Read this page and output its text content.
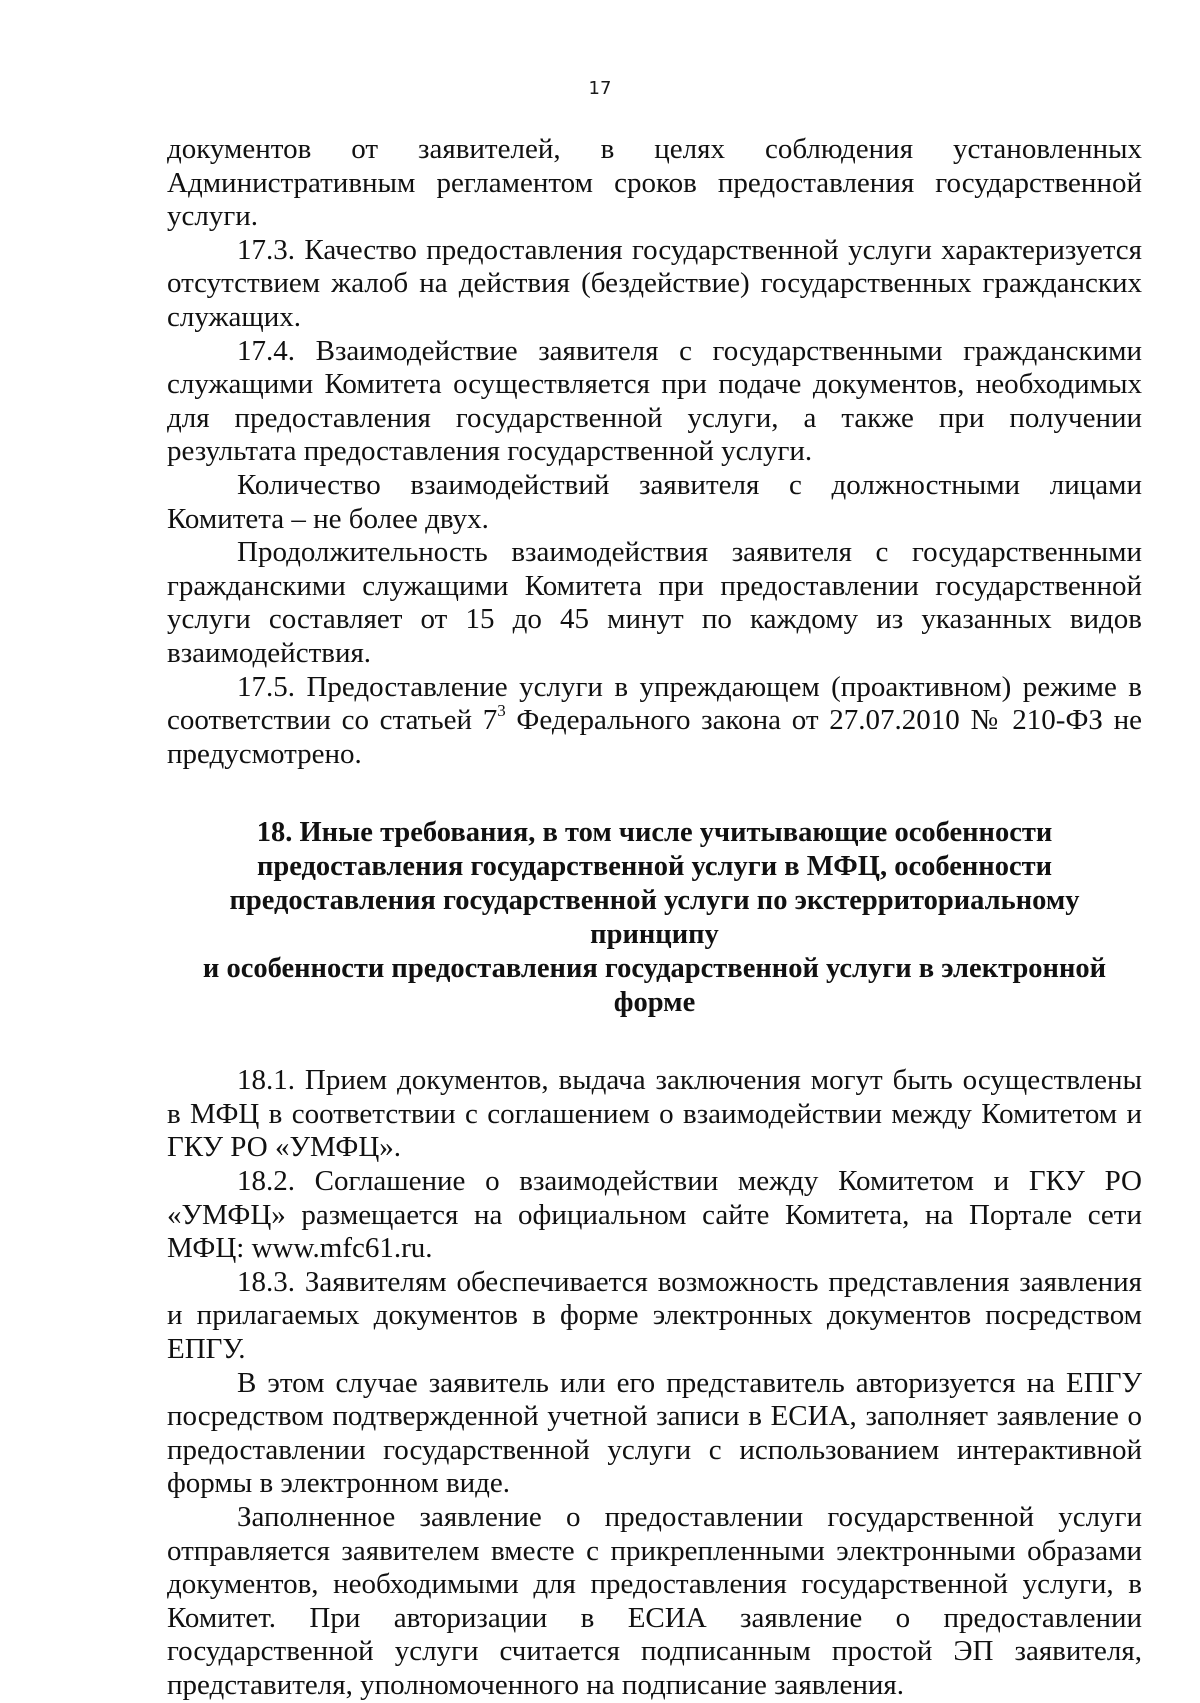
17

документов от заявителей, в целях соблюдения установленных Административным регламентом сроков предоставления государственной услуги.

17.3. Качество предоставления государственной услуги характеризуется отсутствием жалоб на действия (бездействие) государственных гражданских служащих.

17.4. Взаимодействие заявителя с государственными гражданскими служащими Комитета осуществляется при подаче документов, необходимых для предоставления государственной услуги, а также при получении результата предоставления государственной услуги.

Количество взаимодействий заявителя с должностными лицами Комитета – не более двух.

Продолжительность взаимодействия заявителя с государственными гражданскими служащими Комитета при предоставлении государственной услуги составляет от 15 до 45 минут по каждому из указанных видов взаимодействия.

17.5. Предоставление услуги в упреждающем (проактивном) режиме в соответствии со статьей $7^3$ Федерального закона от 27.07.2010 № 210-ФЗ не предусмотрено.

18. Иные требования, в том числе учитывающие особенности
предоставления государственной услуги в МФЦ, особенности
предоставления государственной услуги по экстерриториальному принципу
и особенности предоставления государственной услуги в электронной форме

18.1. Прием документов, выдача заключения могут быть осуществлены в МФЦ в соответствии с соглашением о взаимодействии между Комитетом и ГКУ РО «УМФЦ».

18.2. Соглашение о взаимодействии между Комитетом и ГКУ РО «УМФЦ» размещается на официальном сайте Комитета, на Портале сети МФЦ: www.mfc61.ru.

18.3. Заявителям обеспечивается возможность представления заявления и прилагаемых документов в форме электронных документов посредством ЕПГУ.

В этом случае заявитель или его представитель авторизуется на ЕПГУ посредством подтвержденной учетной записи в ЕСИА, заполняет заявление о предоставлении государственной услуги с использованием интерактивной формы в электронном виде.

Заполненное заявление о предоставлении государственной услуги отправляется заявителем вместе с прикрепленными электронными образами документов, необходимыми для предоставления государственной услуги, в Комитет. При авторизации в ЕСИА заявление о предоставлении государственной услуги считается подписанным простой ЭП заявителя, представителя, уполномоченного на подписание заявления.
